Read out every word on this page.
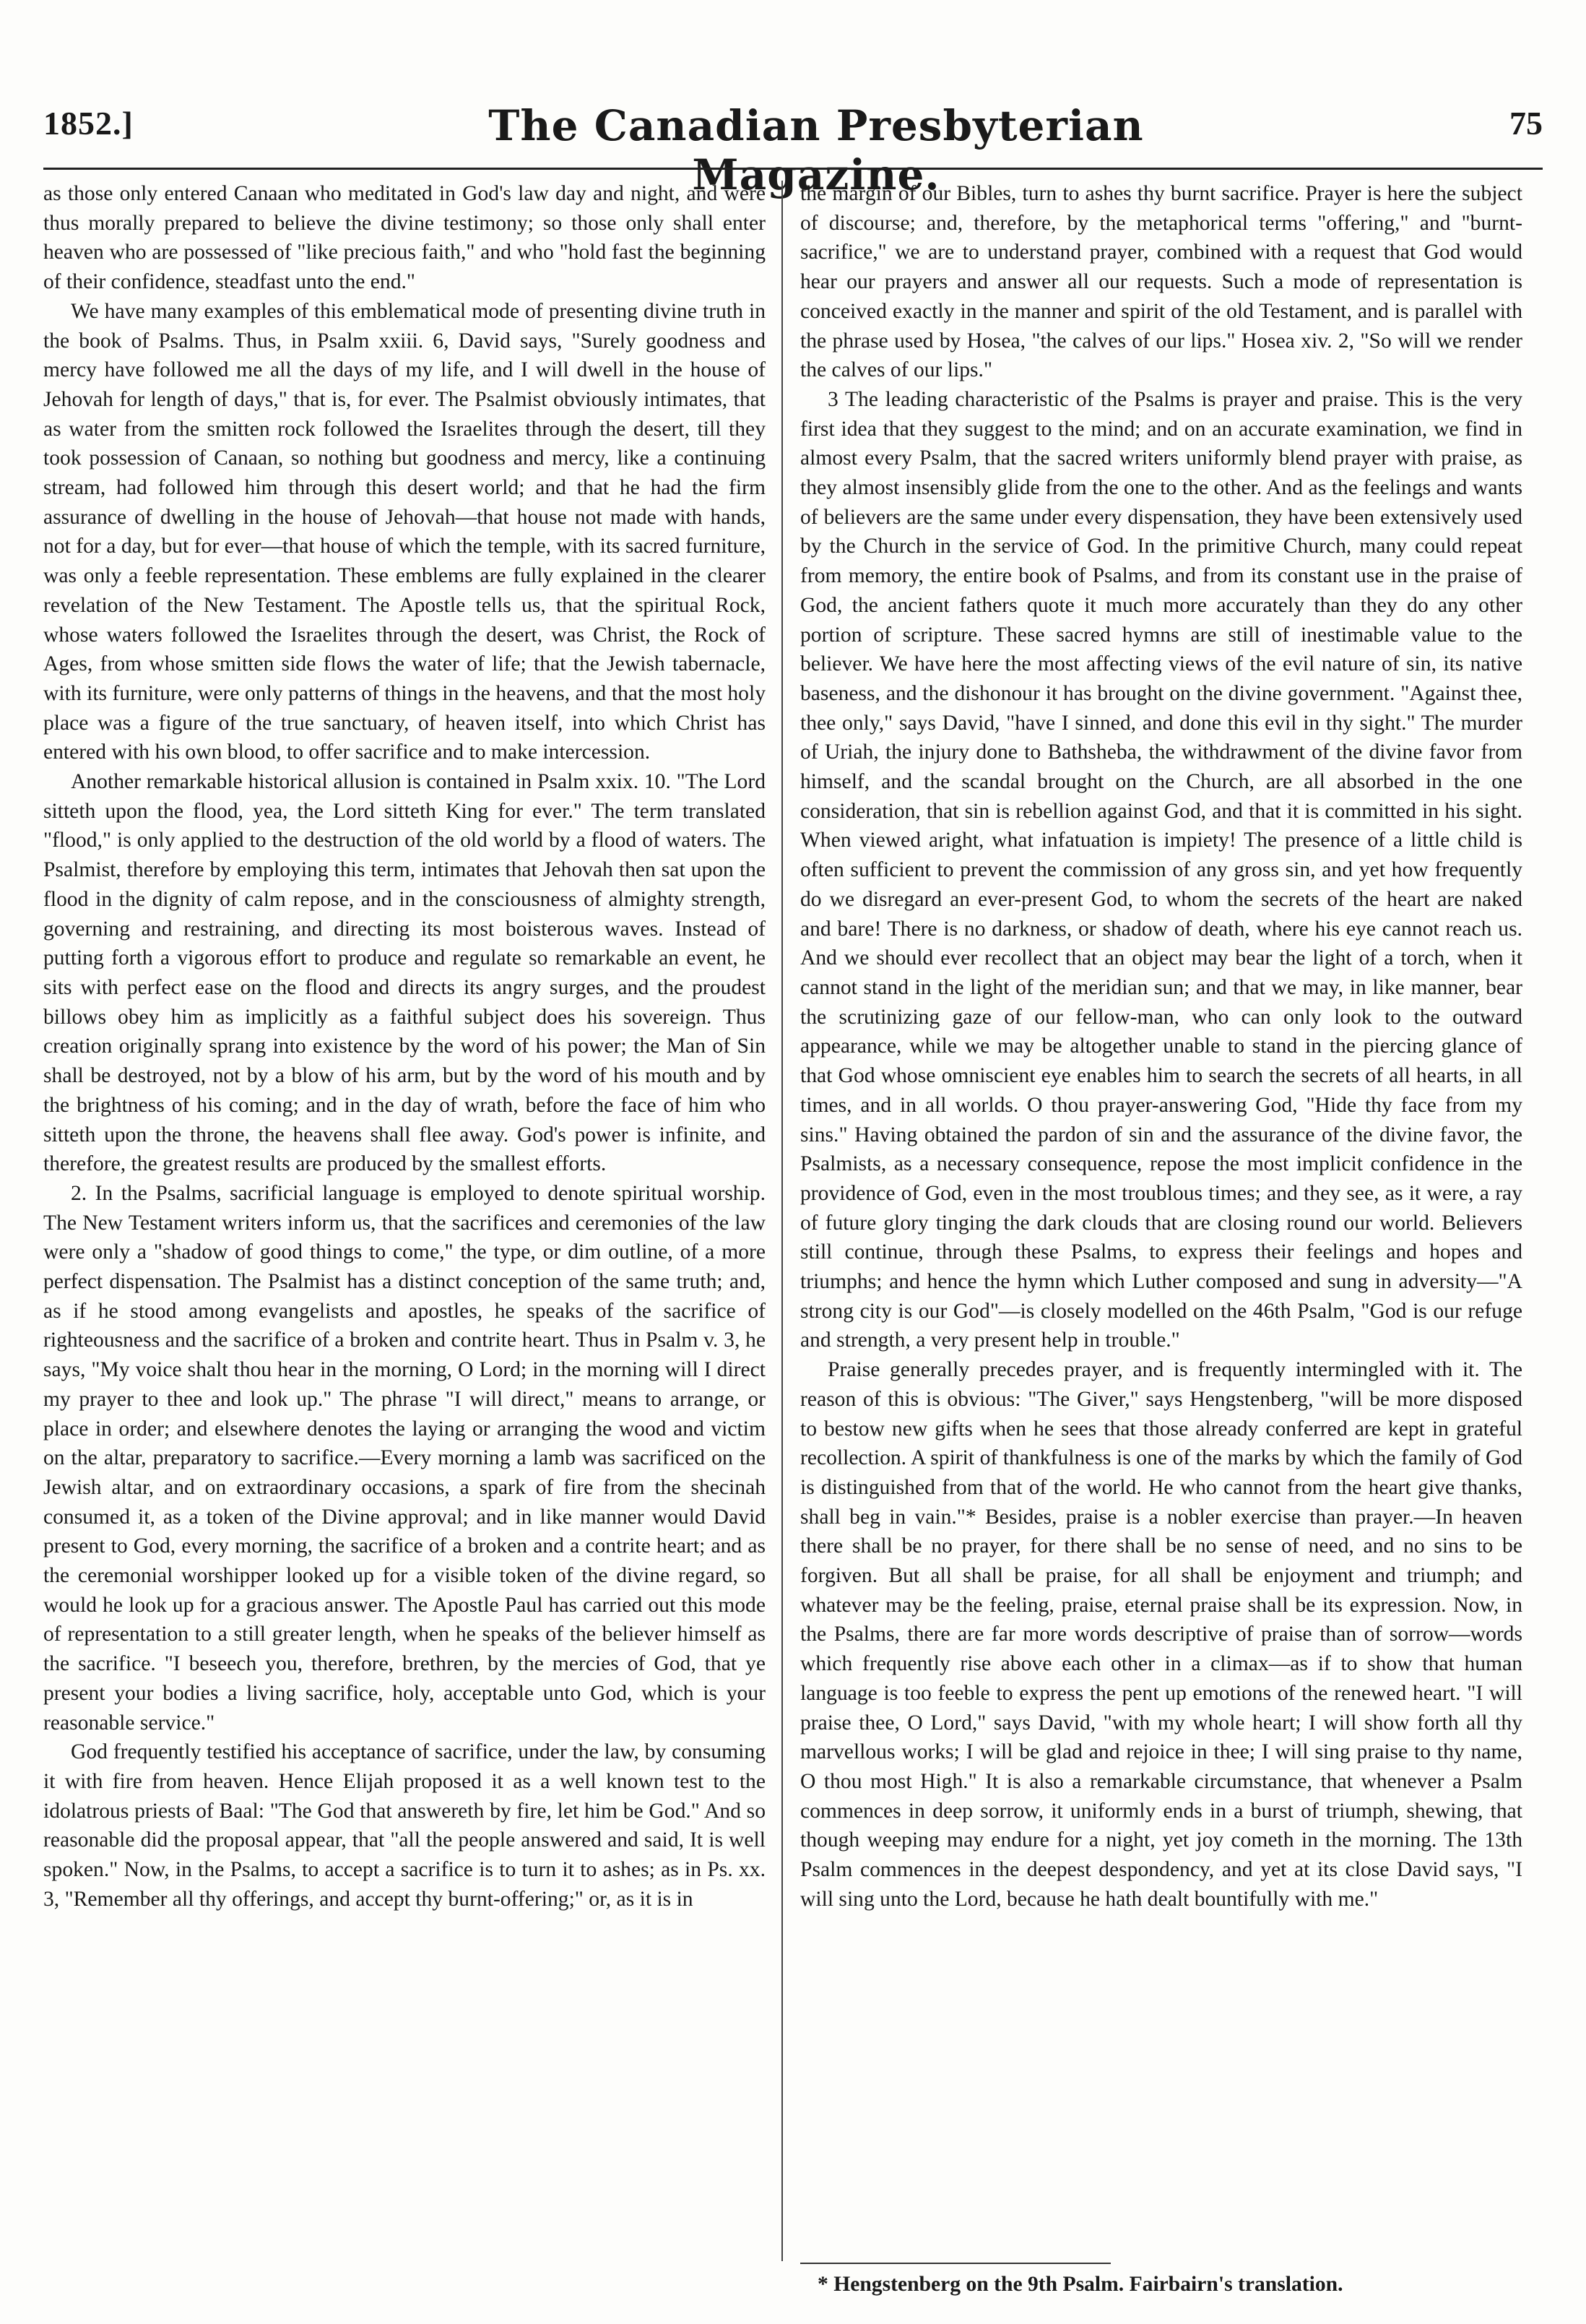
1852.]	The Canadian Presbyterian Magazine.
75

as those only entered Canaan who meditated in God's law day and night, and were thus morally prepared to believe the divine testimony; so those only shall enter heaven who are possessed of "like precious faith," and who "hold fast the beginning of their confidence, steadfast unto the end."

We have many examples of this emblematical mode of presenting divine truth in the book of Psalms. Thus, in Psalm xxiii. 6, David says, "Surely goodness and mercy have followed me all the days of my life, and I will dwell in the house of Jehovah for length of days," that is, for ever. The Psalmist obviously intimates, that as water from the smitten rock followed the Israelites through the desert, till they took possession of Canaan, so nothing but goodness and mercy, like a continuing stream, had followed him through this desert world; and that he had the firm assurance of dwelling in the house of Jehovah—that house not made with hands, not for a day, but for ever—that house of which the temple, with its sacred furniture, was only a feeble representation. These emblems are fully explained in the clearer revelation of the New Testament. The Apostle tells us, that the spiritual Rock, whose waters followed the Israelites through the desert, was Christ, the Rock of Ages, from whose smitten side flows the water of life; that the Jewish tabernacle, with its furniture, were only patterns of things in the heavens, and that the most holy place was a figure of the true sanctuary, of heaven itself, into which Christ has entered with his own blood, to offer sacrifice and to make intercession.

Another remarkable historical allusion is contained in Psalm xxix. 10. "The Lord sitteth upon the flood, yea, the Lord sitteth King for ever." The term translated "flood," is only applied to the destruction of the old world by a flood of waters. The Psalmist, therefore by employing this term, intimates that Jehovah then sat upon the flood in the dignity of calm repose, and in the consciousness of almighty strength, governing and restraining, and directing its most boisterous waves. Instead of putting forth a vigorous effort to produce and regulate so remarkable an event, he sits with perfect ease on the flood and directs its angry surges, and the proudest billows obey him as implicitly as a faithful subject does his sovereign. Thus creation originally sprang into existence by the word of his power; the Man of Sin shall be destroyed, not by a blow of his arm, but by the word of his mouth and by the brightness of his coming; and in the day of wrath, before the face of him who sitteth upon the throne, the heavens shall flee away. God's power is infinite, and therefore, the greatest results are produced by the smallest efforts.

2. In the Psalms, sacrificial language is employed to denote spiritual worship. The New Testament writers inform us, that the sacrifices and ceremonies of the law were only a "shadow of good things to come," the type, or dim outline, of a more perfect dispensation. The Psalmist has a distinct conception of the same truth; and, as if he stood among evangelists and apostles, he speaks of the sacrifice of righteousness and the sacrifice of a broken and contrite heart. Thus in Psalm v. 3, he says, "My voice shalt thou hear in the morning, O Lord; in the morning will I direct my prayer to thee and look up." The phrase "I will direct," means to arrange, or place in order; and elsewhere denotes the laying or arranging the wood and victim on the altar, preparatory to sacrifice.—Every morning a lamb was sacrificed on the Jewish altar, and on extraordinary occasions, a spark of fire from the shecinah consumed it, as a token of the Divine approval; and in like manner would David present to God, every morning, the sacrifice of a broken and a contrite heart; and as the ceremonial worshipper looked up for a visible token of the divine regard, so would he look up for a gracious answer. The Apostle Paul has carried out this mode of representation to a still greater length, when he speaks of the believer himself as the sacrifice. "I beseech you, therefore, brethren, by the mercies of God, that ye present your bodies a living sacrifice, holy, acceptable unto God, which is your reasonable service."

God frequently testified his acceptance of sacrifice, under the law, by consuming it with fire from heaven. Hence Elijah proposed it as a well known test to the idolatrous priests of Baal: "The God that answereth by fire, let him be God." And so reasonable did the proposal appear, that "all the people answered and said, It is well spoken." Now, in the Psalms, to accept a sacrifice is to turn it to ashes; as in Ps. xx. 3, "Remember all thy offerings, and accept thy burnt-offering;" or, as it is in

the margin of our Bibles, turn to ashes thy burnt sacrifice. Prayer is here the subject of discourse; and, therefore, by the metaphorical terms "offering," and "burnt-sacrifice," we are to understand prayer, combined with a request that God would hear our prayers and answer all our requests. Such a mode of representation is conceived exactly in the manner and spirit of the old Testament, and is parallel with the phrase used by Hosea, "the calves of our lips." Hosea xiv. 2, "So will we render the calves of our lips."

3 The leading characteristic of the Psalms is prayer and praise. This is the very first idea that they suggest to the mind; and on an accurate examination, we find in almost every Psalm, that the sacred writers uniformly blend prayer with praise, as they almost insensibly glide from the one to the other. And as the feelings and wants of believers are the same under every dispensation, they have been extensively used by the Church in the service of God. In the primitive Church, many could repeat from memory, the entire book of Psalms, and from its constant use in the praise of God, the ancient fathers quote it much more accurately than they do any other portion of scripture. These sacred hymns are still of inestimable value to the believer. We have here the most affecting views of the evil nature of sin, its native baseness, and the dishonour it has brought on the divine government. "Against thee, thee only," says David, "have I sinned, and done this evil in thy sight." The murder of Uriah, the injury done to Bathsheba, the withdrawment of the divine favor from himself, and the scandal brought on the Church, are all absorbed in the one consideration, that sin is rebellion against God, and that it is committed in his sight. When viewed aright, what infatuation is impiety! The presence of a little child is often sufficient to prevent the commission of any gross sin, and yet how frequently do we disregard an ever-present God, to whom the secrets of the heart are naked and bare! There is no darkness, or shadow of death, where his eye cannot reach us. And we should ever recollect that an object may bear the light of a torch, when it cannot stand in the light of the meridian sun; and that we may, in like manner, bear the scrutinizing gaze of our fellow-man, who can only look to the outward appearance, while we may be altogether unable to stand in the piercing glance of that God whose omniscient eye enables him to search the secrets of all hearts, in all times, and in all worlds. O thou prayer-answering God, "Hide thy face from my sins." Having obtained the pardon of sin and the assurance of the divine favor, the Psalmists, as a necessary consequence, repose the most implicit confidence in the providence of God, even in the most troublous times; and they see, as it were, a ray of future glory tinging the dark clouds that are closing round our world. Believers still continue, through these Psalms, to express their feelings and hopes and triumphs; and hence the hymn which Luther composed and sung in adversity—"A strong city is our God"—is closely modelled on the 46th Psalm, "God is our refuge and strength, a very present help in trouble."

Praise generally precedes prayer, and is frequently intermingled with it. The reason of this is obvious: "The Giver," says Hengstenberg, "will be more disposed to bestow new gifts when he sees that those already conferred are kept in grateful recollection. A spirit of thankfulness is one of the marks by which the family of God is distinguished from that of the world. He who cannot from the heart give thanks, shall beg in vain."* Besides, praise is a nobler exercise than prayer.—In heaven there shall be no prayer, for there shall be no sense of need, and no sins to be forgiven. But all shall be praise, for all shall be enjoyment and triumph; and whatever may be the feeling, praise, eternal praise shall be its expression. Now, in the Psalms, there are far more words descriptive of praise than of sorrow—words which frequently rise above each other in a climax—as if to show that human language is too feeble to express the pent up emotions of the renewed heart. "I will praise thee, O Lord," says David, "with my whole heart; I will show forth all thy marvellous works; I will be glad and rejoice in thee; I will sing praise to thy name, O thou most High." It is also a remarkable circumstance, that whenever a Psalm commences in deep sorrow, it uniformly ends in a burst of triumph, shewing, that though weeping may endure for a night, yet joy cometh in the morning. The 13th Psalm commences in the deepest despondency, and yet at its close David says, "I will sing unto the Lord, because he hath dealt bountifully with me."

* Hengstenberg on the 9th Psalm. Fairbairn's translation.
